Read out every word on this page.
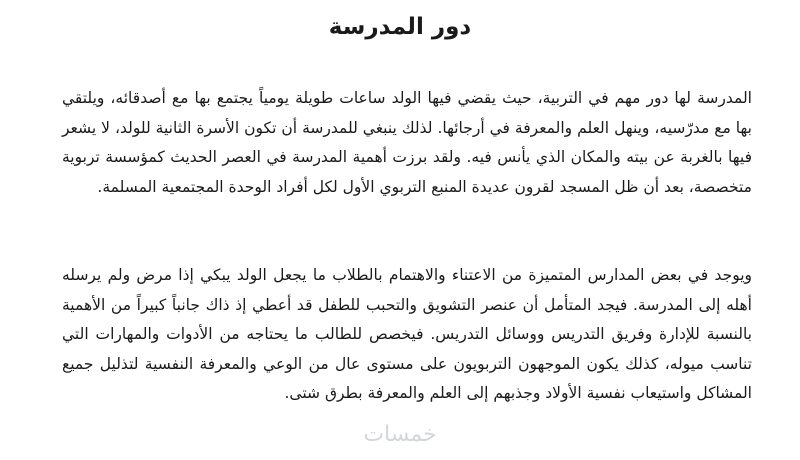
دور المدرسة

المدرسة لها دور مهم في التربية، حيث يقضي فيها الولد ساعات طويلة يومياً يجتمع بها مع أصدقائه، ويلتقي بها مع مدرّسيه، وينهل العلم والمعرفة في أرجائها. لذلك ينبغي للمدرسة أن تكون الأسرة الثانية للولد، لا يشعر فيها بالغربة عن بيته والمكان الذي يأنس فيه. ولقد برزت أهمية المدرسة في العصر الحديث كمؤسسة تربوية متخصصة، بعد أن ظل المسجد لقرون عديدة المنبع التربوي الأول لكل أفراد الوحدة المجتمعية المسلمة.

ويوجد في بعض المدارس المتميزة من الاعتناء والاهتمام بالطلاب ما يجعل الولد يبكي إذا مرض ولم يرسله أهله إلى المدرسة. فيجد المتأمل أن عنصر التشويق والتحبب للطفل قد أعطي إذ ذاك جانباً كبيراً من الأهمية بالنسبة للإدارة وفريق التدريس ووسائل التدريس. فيخصص للطالب ما يحتاجه من الأدوات والمهارات التي تناسب ميوله، كذلك يكون الموجهون التربويون على مستوى عال من الوعي والمعرفة النفسية لتذليل جميع المشاكل واستيعاب نفسية الأولاد وجذبهم إلى العلم والمعرفة بطرق شتى.

خمسات
